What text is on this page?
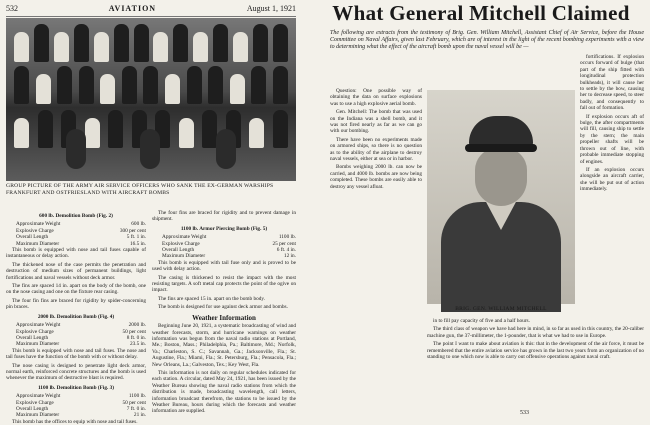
532	AVIATION	August 1, 1921	What General Mitchell Claimed
GROUP PICTURE OF THE ARMY AIR SERVICE OFFICERS WHO SANK THE EX-GERMAN WARSHIPS FRANKFURT AND OSTFRIESLAND WITH AIRCRAFT BOMBS
600 lb. Demolition Bomb (Fig. 2)
Approximate Weight	600 lb.
Explosive Charge	300 per cent
Overall Length	5 ft. 1 in.
Maximum Diameter	16.5 in.

This bomb is equipped with nose and tail fuses capable of instantaneous or delay action.

The thickened nose of the case permits the penetration and destruction of medium sizes of permanent buildings, light fortifications and naval vessels without deck armor.

The fins are spaced 14 in. apart on the body of the bomb, one on the nose casing and one on the fixture rear casing.

The four fin fins are braced for rigidity by spider-concerning pin braces.

2000 lb. Demolition Bomb (Fig. 4)
Approximate Weight	2000 lb.
Explosive Charge	50 per cent
Overall Length	8 ft. 0 in.
Maximum Diameter	23.5 in.

This bomb is equipped with nose and tail fuses. The nose and tail fuses have the function of the bomb with or without delay.

The nose casing is designed to penetrate light deck armor, normal earth, reinforced concrete structures and the bomb is used whenever the maximum of destructive blast is required.

1100 lb. Demolition Bomb (Fig. 3)
Approximate Weight	1100 lb.
Explosive Charge	50 per cent
Overall Length	7 ft. 0 in.
Maximum Diameter	21 in.

This bomb has the offices to equip with nose and tail fuses.

The four fins are braced for rigidity and to prevent damage in shipment.

1100 lb. Armor Piercing Bomb (Fig. 5)
Approximate Weight	1100 lb.
Explosive Charge	25 per cent
Overall Length	6 ft. 4 in.
Maximum Diameter	12 in.

This bomb is equipped with tail fuse only and is proved to be used with delay action.

The casing is thickened to resist the impact with the most resisting targets. A soft metal cap protects the point of the ogive on impact.

The fins are spaced 15 in. apart on the bomb body.

The bomb is designed for use against deck armor and bombs.

Weather Information

Beginning June 20, 1921, a systematic broadcasting of wind and weather forecasts, storm, and hurricane warnings on weather information was begun from the naval radio stations at Portland, Me.; Boston, Mass.; Philadelphia, Pa.; Baltimore, Md.; Norfolk, Va.; Charleston, S. C.; Savannah, Ga.; Jacksonville, Fla.; St. Augustine, Fla.; Miami, Fla.; St. Petersburg, Fla.; Pensacola, Fla.; New Orleans, La.; Galveston, Tex.; Key West, Fla.

This information is not daily on regular schedules indicated for each station. A circular, dated May 24, 1921, has been issued by the Weather Bureau showing the naval radio stations from which the distribution is made, broadcasting wavelength, call letters, information broadcast therefrom, the stations to be issued by the Weather Bureau, hours during which the forecasts and weather information are supplied.

The following are extracts from the testimony of Brig. Gen. William Mitchell, Assistant Chief of Air Service, before the House Committee on Naval Affairs, given last February, which are of interest in the light of the recent bombing experiments with a view to determining what the effect of the aircraft bomb upon the naval vessel will be —

Question: One possible way of obtaining the data on surface explosions was to use a high explosive aerial bomb.

Gen. Mitchell: The bomb that was used on the Indiana was a shell bomb, and it was not fired nearly as far as we can go with our bombing.

There have been no experiments made on armored ships, so there is no question as to the ability of the airplane to destroy naval vessels, either at sea or in harbor.

Bombs weighing 2000 lb. can now be carried, and 4000 lb. bombs are now being completed. These bombs are easily able to destroy any vessel afloat.

BRIG. GEN. WILLIAM MITCHELL

fortifications. If explosion occurs forward of bulge (that part of the ship fitted with longitudinal protection bulkheads), it will cause her to settle by the bow, causing her to decrease speed, to steer badly, and consequently to fall out of formation.

If explosion occurs aft of bulge, the after compartments will fill, causing ship to settle by the stern; the main propeller shafts will be thrown out of line, with probable immediate stopping of engines.

If an explosion occurs alongside an aircraft carrier, she will be put out of action immediately.

in to fill pay capacity of five and a half hours.

The third class of weapon we have had here in mind, in so far as used in this country, the 20-caliber machine gun, the 37-millimeter, the 1-pounder, that is what we had to use in Europe.

The point I want to make about aviation is this: that in the development of the air force, it must be remembered that the entire aviation service has grown in the last two years from an organization of no standing to one which now is able to carry out offensive operations against naval craft.

533
